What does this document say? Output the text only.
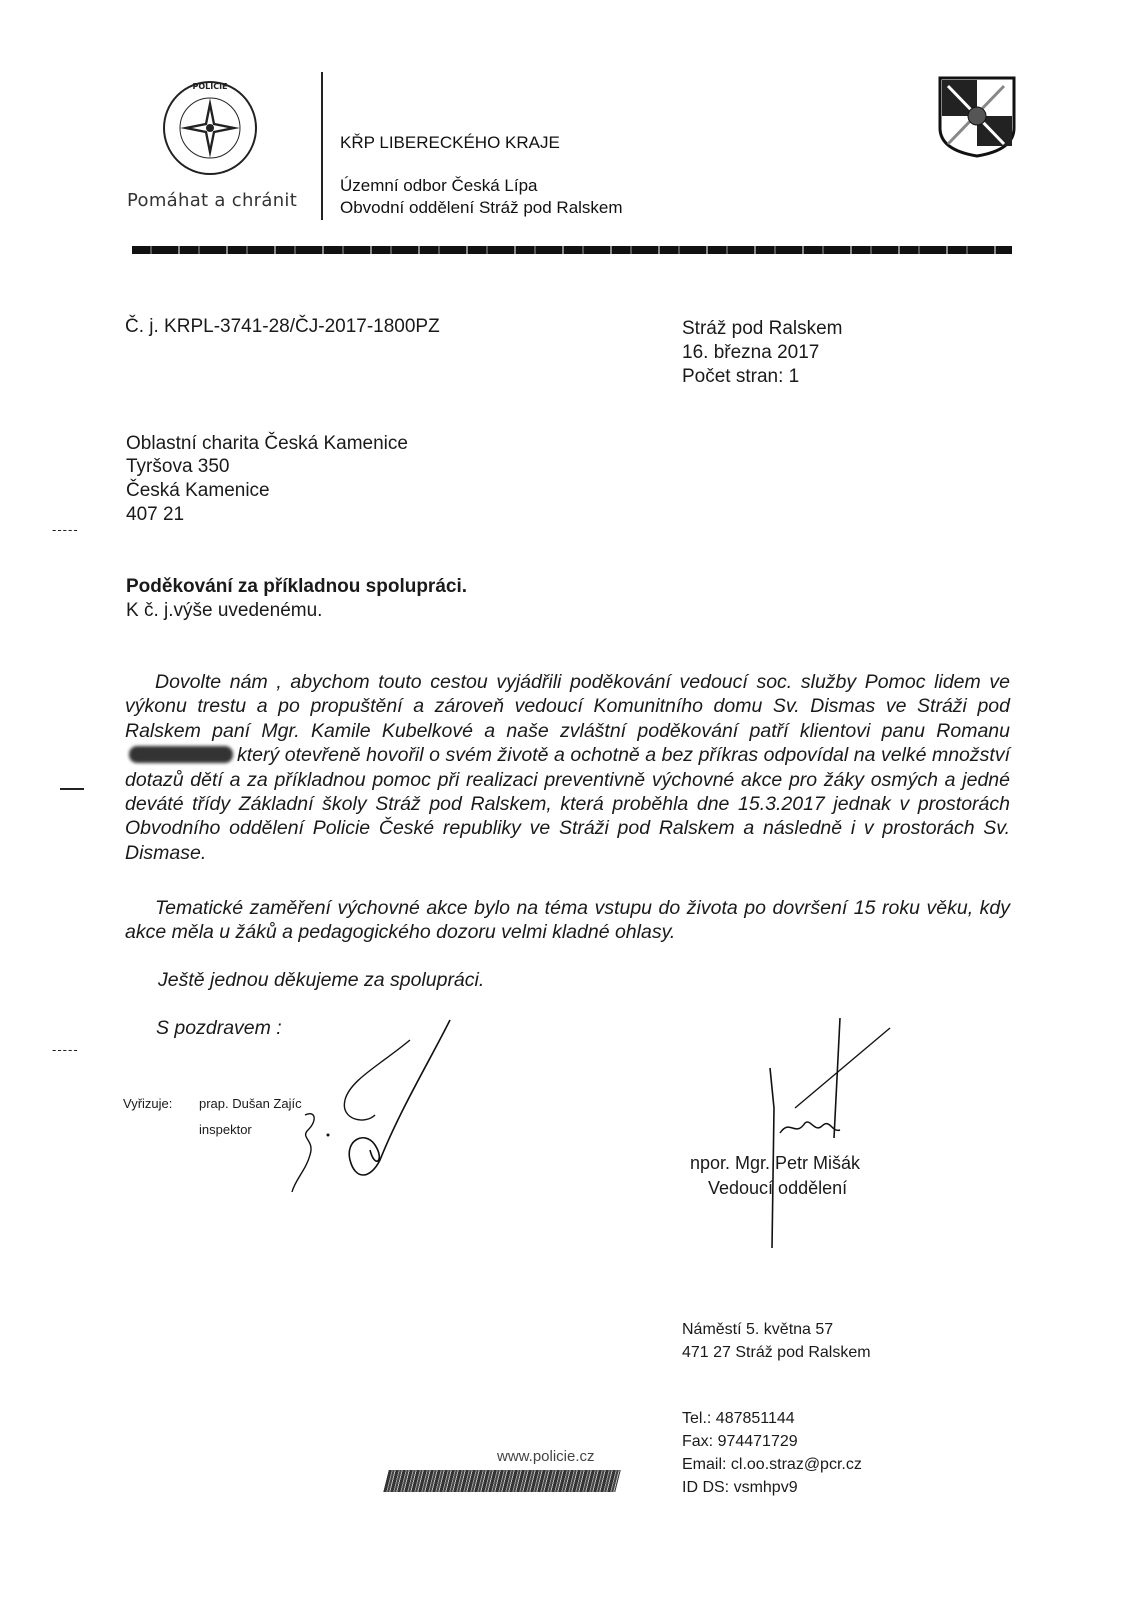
POLICIE
Pomáhat a chránit
KŘP LIBERECKÉHO KRAJE
Územní odbor Česká Lípa
Obvodní oddělení Stráž pod Ralskem
Č. j. KRPL-3741-28/ČJ-2017-1800PZ	Stráž pod Ralskem
16. března 2017
Počet stran: 1
Oblastní charita Česká Kamenice
Tyršova 350
Česká Kamenice
407 21
-----
Poděkování za příkladnou spolupráci.
K č. j.výše uvedenému.
Dovolte nám , abychom touto cestou vyjádřili poděkování vedoucí soc. služby Pomoc lidem ve výkonu trestu a po propuštění a zároveň vedoucí Komunitního domu Sv. Dismas ve Stráži pod Ralskem paní Mgr. Kamile Kubelkové a naše zvláštní poděkování patří klientovi panu Romanukterý otevřeně hovořil o svém životě a ochotně a bez příkras odpovídal na velké množství dotazů dětí a za příkladnou pomoc při realizaci preventivně výchovné akce pro žáky osmých a jedné deváté třídy Základní školy Stráž pod Ralskem, která proběhla dne 15.3.2017 jednak v prostorách Obvodního oddělení Policie České republiky ve Stráži pod Ralskem a následně i v prostorách Sv. Dismase.
Tematické zaměření výchovné akce bylo na téma vstupu do života po dovršení 15 roku věku, kdy akce měla u žáků a pedagogického dozoru velmi kladné ohlasy.
Ještě jednou děkujeme za spolupráci.
S pozdravem :
-----
Vyřizuje: prap. Dušan Zajíc
inspektor
npor. Mgr. Petr Mišák
Vedoucí oddělení
Náměstí 5. května 57
471 27 Stráž pod Ralskem
Tel.: 487851144
Fax: 974471729
Email: cl.oo.straz@pcr.cz
ID DS: vsmhpv9
www.policie.cz
